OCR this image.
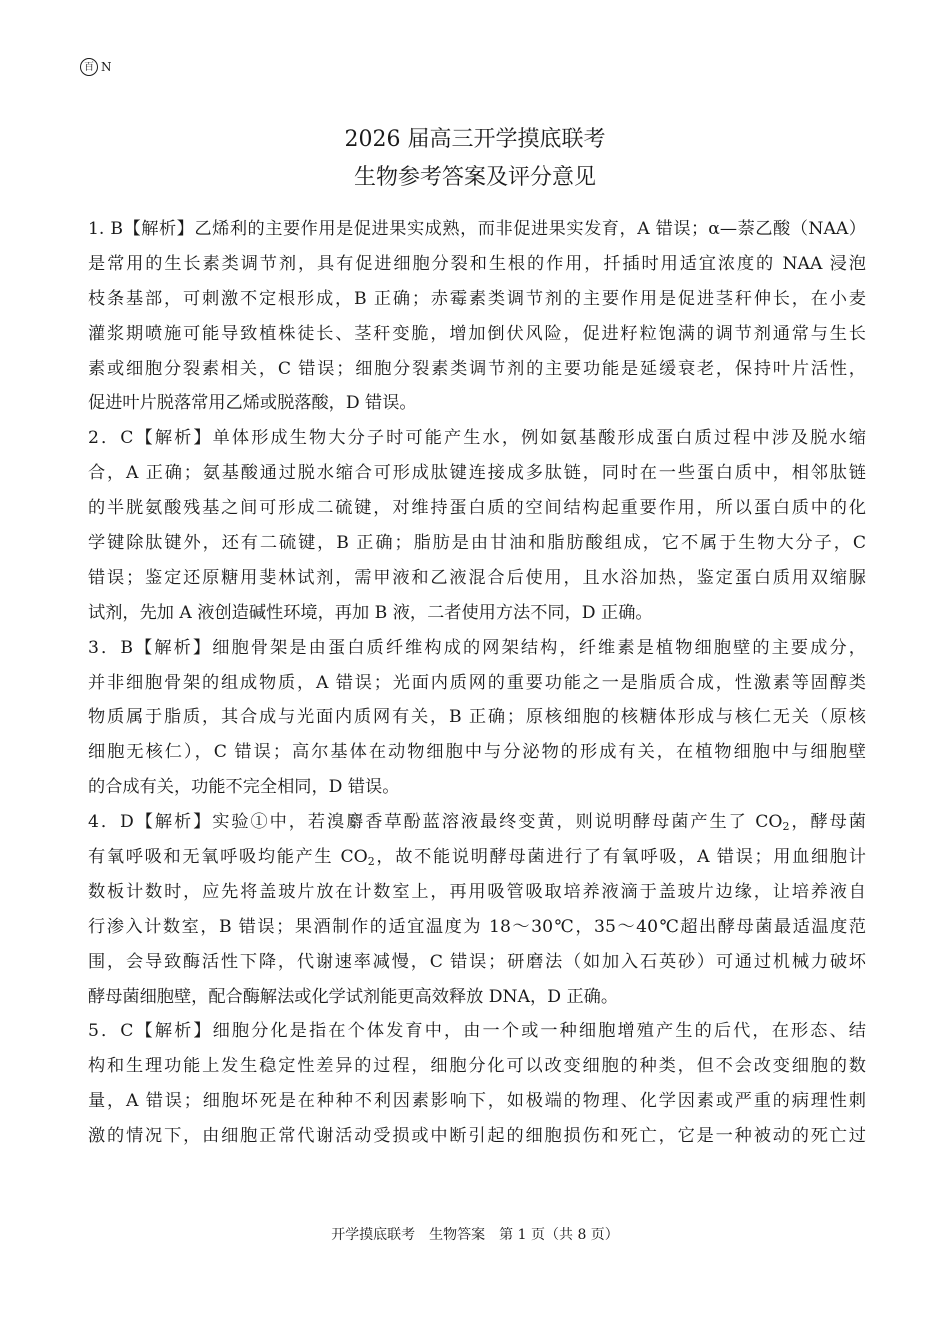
百 N
2026 届高三开学摸底联考
生物参考答案及评分意见
1. B【解析】乙烯利的主要作用是促进果实成熟，而非促进果实发育，A 错误；α—萘乙酸（NAA）
是常用的生长素类调节剂，具有促进细胞分裂和生根的作用，扦插时用适宜浓度的 NAA 浸泡
枝条基部，可刺激不定根形成，B 正确；赤霉素类调节剂的主要作用是促进茎秆伸长，在小麦
灌浆期喷施可能导致植株徒长、茎秆变脆，增加倒伏风险，促进籽粒饱满的调节剂通常与生长
素或细胞分裂素相关，C 错误；细胞分裂素类调节剂的主要功能是延缓衰老，保持叶片活性，
促进叶片脱落常用乙烯或脱落酸，D 错误。
2．C【解析】单体形成生物大分子时可能产生水，例如氨基酸形成蛋白质过程中涉及脱水缩
合，A 正确；氨基酸通过脱水缩合可形成肽键连接成多肽链，同时在一些蛋白质中，相邻肽链
的半胱氨酸残基之间可形成二硫键，对维持蛋白质的空间结构起重要作用，所以蛋白质中的化
学键除肽键外，还有二硫键，B 正确；脂肪是由甘油和脂肪酸组成，它不属于生物大分子，C
错误；鉴定还原糖用斐林试剂，需甲液和乙液混合后使用，且水浴加热，鉴定蛋白质用双缩脲
试剂，先加 A 液创造碱性环境，再加 B 液，二者使用方法不同，D 正确。
3．B【解析】细胞骨架是由蛋白质纤维构成的网架结构，纤维素是植物细胞壁的主要成分，
并非细胞骨架的组成物质，A 错误；光面内质网的重要功能之一是脂质合成，性激素等固醇类
物质属于脂质，其合成与光面内质网有关，B 正确；原核细胞的核糖体形成与核仁无关（原核
细胞无核仁），C 错误；高尔基体在动物细胞中与分泌物的形成有关，在植物细胞中与细胞壁
的合成有关，功能不完全相同，D 错误。
4．D【解析】实验①中，若溴麝香草酚蓝溶液最终变黄，则说明酵母菌产生了 $CO_2$，酵母菌
有氧呼吸和无氧呼吸均能产生 $CO_2$，故不能说明酵母菌进行了有氧呼吸，A 错误；用血细胞计
数板计数时，应先将盖玻片放在计数室上，再用吸管吸取培养液滴于盖玻片边缘，让培养液自
行渗入计数室，B 错误；果酒制作的适宜温度为 18～30℃，35～40℃超出酵母菌最适温度范
围，会导致酶活性下降，代谢速率减慢，C 错误；研磨法（如加入石英砂）可通过机械力破坏
酵母菌细胞壁，配合酶解法或化学试剂能更高效释放 DNA，D 正确。
5．C【解析】细胞分化是指在个体发育中，由一个或一种细胞增殖产生的后代，在形态、结
构和生理功能上发生稳定性差异的过程，细胞分化可以改变细胞的种类，但不会改变细胞的数
量，A 错误；细胞坏死是在种种不利因素影响下，如极端的物理、化学因素或严重的病理性刺
激的情况下，由细胞正常代谢活动受损或中断引起的细胞损伤和死亡，它是一种被动的死亡过
开学摸底联考　生物答案　第 1 页（共 8 页）
